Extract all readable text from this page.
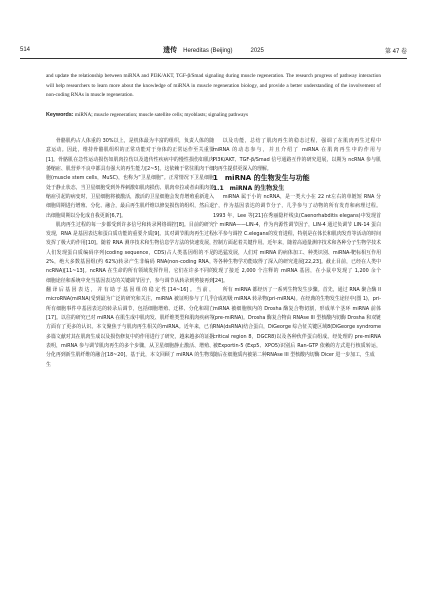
514	遗传 Hereditas (Beijing)	2025	第 47 卷
and update the relationship between miRNA and PI3K/AKT, TGF-β/Smad signaling during muscle regeneration. The research progress of pathway interaction will help researchers to learn more about the knowledge of miRNA in muscle regeneration biology, and provide a better understanding of the involvement of non-coding RNAs in muscle regeneration.
Keywords: miRNA; muscle regeneration; muscle satellite cells; myoblasts; signaling pathways

骨骼肌约占人体重的 30%以上，是机体最为丰富的组织，负责人体的随意运动。因此，维持骨骼肌组织的正常功能对于身体的正常运作至关重要[1]。骨骼肌在急性运动损伤如肌肉拉伤以及遗传性疾病中的慢性损伤如肌肉萎缩症、肌营养不良中都具有强大的再生能力[2~5]。这依赖于常驻肌肉干细胞(muscle stem cells，MuSC)，也称为“卫星细胞”。正常情况下卫星细胞处于静止状态，当卫星细胞受到外界刺激如肌肉损伤、肌肉牵拉或者由肌肉萎缩症引起的病变时，卫星细胞将被激活，激活的卫星细胞会发育增殖重新进入细胞周期进行增殖、分化、融合，最后再生肌纤维以修复损伤的组织，然后退出细胞周期以分化成自我更新[6,7]。

肌肉再生过程的每一步都受到许多信号和转录网络调控[8]。目前的研究发现，RNA 是基因表达和蛋白质功能的重要介质[9]。其对调节肌肉再生过程发挥了极大的作用[10]。随着 RNA 测序技术和生物信息学方法的快速发展，人们发现蛋白质编码序列(coding sequence，CDS)占人类基因组的不足 2%，绝大多数基因组(约 62%)转录产生非编码 RNA(non-coding RNA，ncRNA)[11~13]。ncRNA 在生命的所有领域发挥作用，它们在许多不同的细胞途径和系统中充当基因表达的关键调节因子，参与调节从转录到剪接再到翻译后基因表达，并有助于基因组的稳定性[14~16]。当前，microRNA(miRNA)受到最为广泛的研究和关注，miRNA 被证明参与了几乎所有细胞事件中基因表达的转录后调节，包括细胞增殖、迁移、分化和凋亡[17]。以往的研究已对 miRNA 在肌生成中肌肉发、肌纤维类型和肌肉疾病等方面有了更多的认识。本文聚焦于与肌肉再生相关的miRNA。近年来，已有多篇文献对其在肌肉生成以及损伤修复中的作用进行了研究，越来越多的证据表明，miRNA 参与调节肌肉再生的多个步骤，从卫星细胞静止激活、增殖、分化再到新生肌纤维的融合[18~20]。基于此，本文回顾了 miRNA 的生物发生

以及功能，总结了肌肉再生的稳态过程，强调了在肌肉再生过程中 miRNA 的动态参与，并且介绍了 miRNA 在肌肉再生中的作用与 PI3K/AKT、TGF-β/Smad 信号通路互作的研究进展，以期为 ncRNA 参与肌肉再生提供更深入的理解。

1　miRNA 的生物发生与功能

1.1　miRNA 的生物发生

miRNA 属于小的 ncRNA，是一类大小在 22 nt左右的单链短 RNA 分子，作为基因表达的调节分子，几乎参与了动物的所有发育和病理过程。1993 年，Lee 等[21]在秀丽隐杆线虫(Caenorhabditis elegans)中发现首个 miRNA——LIN-4，作为内源性调节因子，LIN-4 通过负调节 LIN-14 蛋白水平参与调控 C.elegans的发育进程，特别是在体长和肌肉发育等活动的时间控制方面起着关键作用。近年来，随着高通量测序技术和各种分子生物学技术的迅猛发展，人们对 miRNA 的病体加工、种类识别、miRNA-靶标相互作用等各种生物学功能取得了深入的研究进展[22,23]。截止目前，已经在人类中发现了接近 2,000 个注释的 miRNA 基因，在小鼠中发现了 1,200 余个[24]。

所有 miRNA 都经历了一系列生物发生步骤。首先，通过 RNA 聚合酶 II 合成初级 miRNA 转录物(pri-miRNA)。在经典的生物发生途径中(图 1)，pri-miRNA 被细胞核内的 Drosha 酶复合物切割，形成单个茎环 miRNA 前体(pre-miRNA)。Drosha 酶复合物由 RNAse III 型核酸内切酶 Drosha 和双链RNA(dsRNA)结合蛋白，DiGeorge 综合征关键区域8(DiGeorge syndrome critical region 8，DGCR8)以及各种伙伴蛋白组成。经处理的 pre-miRNA 被Exportin-5 (Exp5、XPO5)识别后 Ran-GTP 依赖的方式进行核质转运，随后在细胞质内被第二种RNAse III 型核酸内切酶 Dicer 进一步加工，生成
